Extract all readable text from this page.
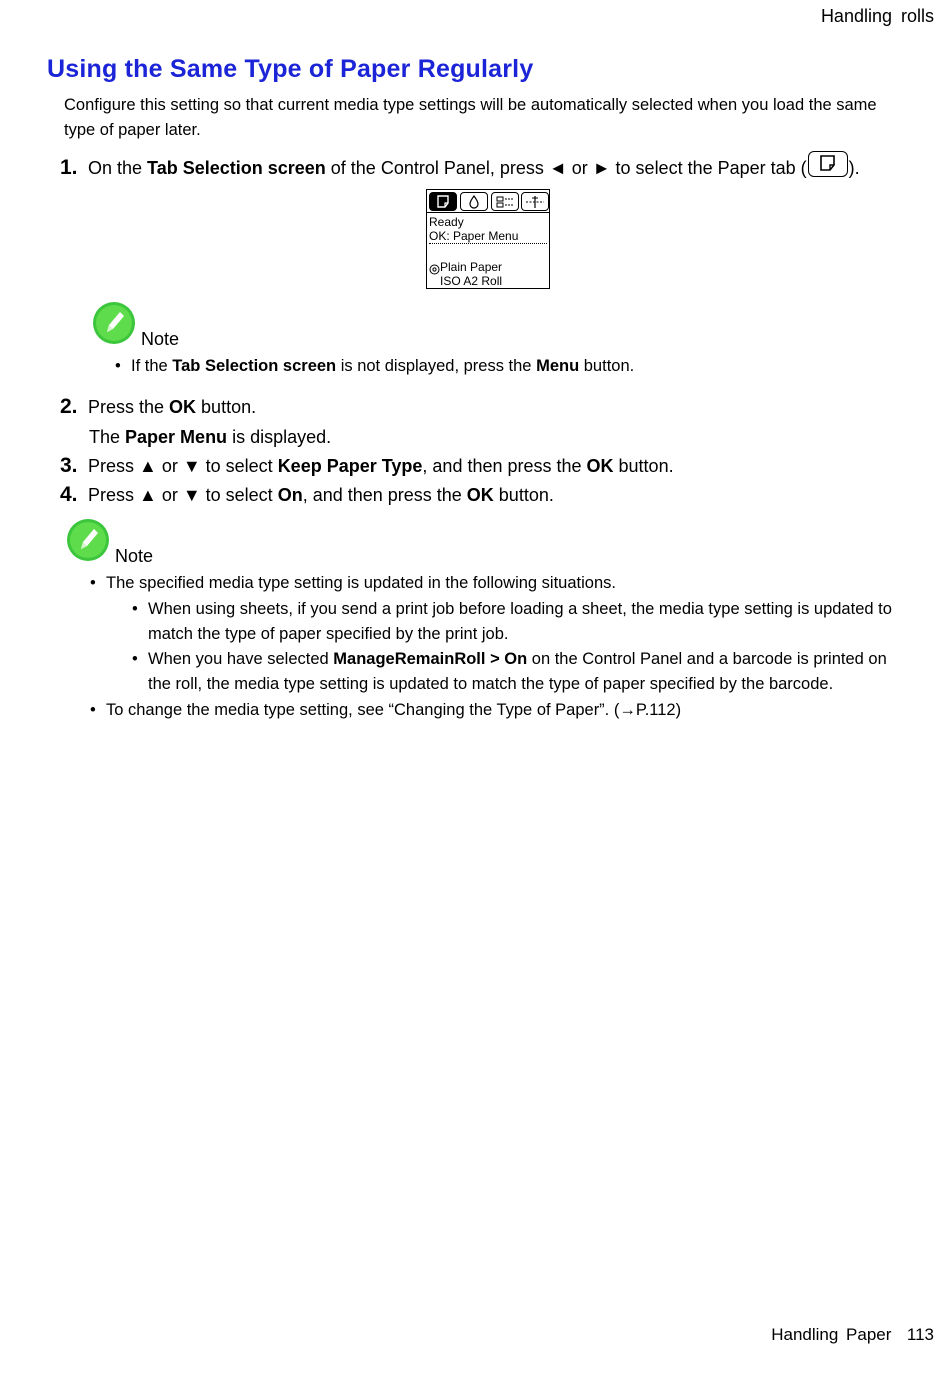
Handling rolls
Using the Same Type of Paper Regularly
Configure this setting so that current media type settings will be automatically selected when you load the same type of paper later.
1. On the Tab Selection screen of the Control Panel, press ◄ or ► to select the Paper tab ( ).
Ready
OK: Paper Menu
Plain Paper
ISO A2 Roll
Note
• If the Tab Selection screen is not displayed, press the Menu button.
2. Press the OK button.
The Paper Menu is displayed.
3. Press ▲ or ▼ to select Keep Paper Type, and then press the OK button.
4. Press ▲ or ▼ to select On, and then press the OK button.
Note
• The specified media type setting is updated in the following situations.
• When using sheets, if you send a print job before loading a sheet, the media type setting is updated to match the type of paper specified by the print job.
• When you have selected ManageRemainRoll > On on the Control Panel and a barcode is printed on the roll, the media type setting is updated to match the type of paper specified by the barcode.
• To change the media type setting, see “Changing the Type of Paper”. (→P.112)
Handling Paper 113
